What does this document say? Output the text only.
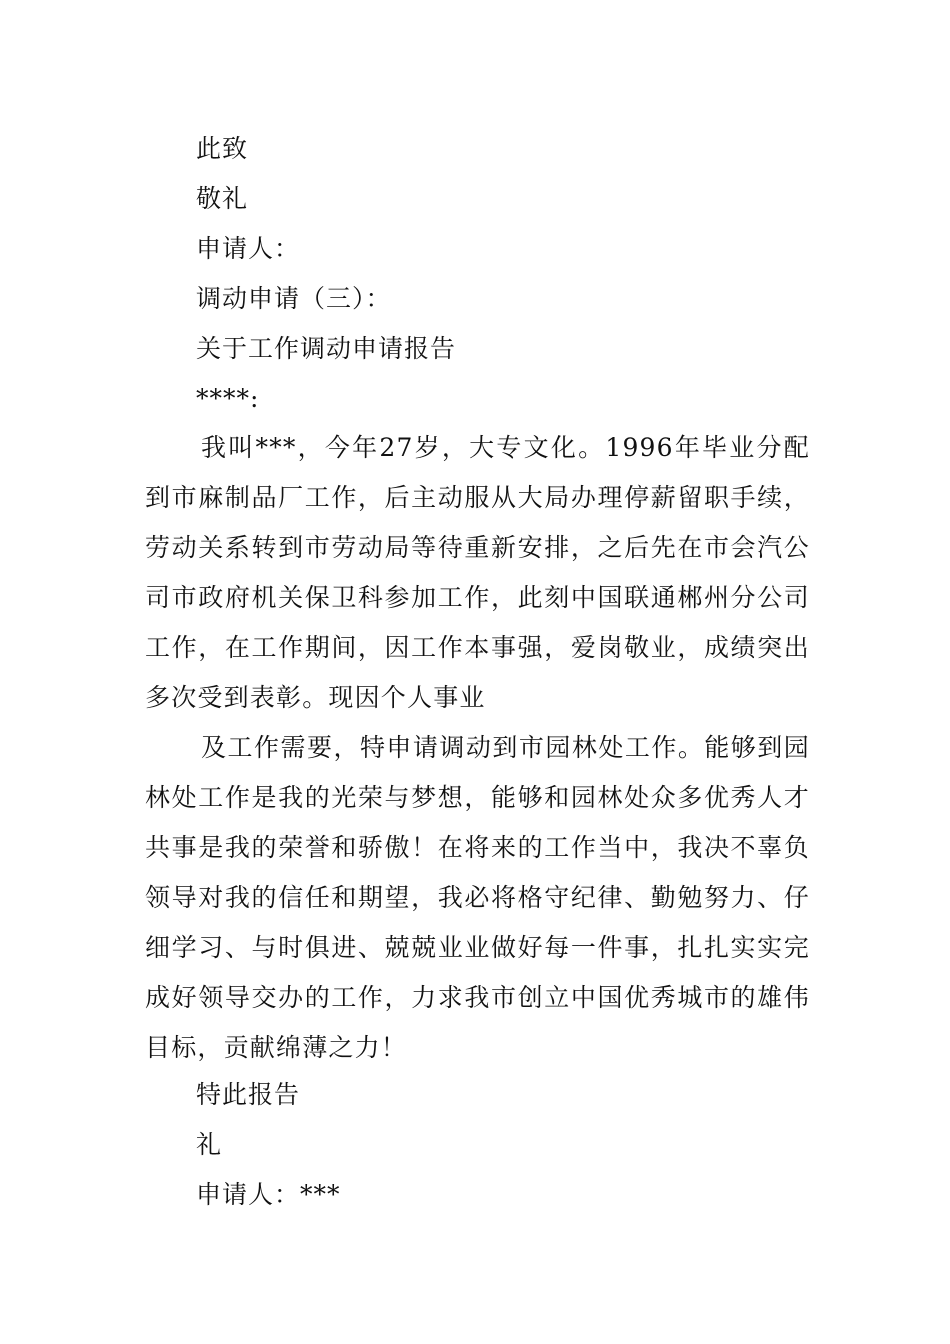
此致
敬礼
申请人：
调动申请（三）：
关于工作调动申请报告
****:

我叫***，今年27岁，大专文化。1996年毕业分配到市麻制品厂工作，后主动服从大局办理停薪留职手续，劳动关系转到市劳动局等待重新安排，之后先在市会汽公司市政府机关保卫科参加工作，此刻中国联通郴州分公司工作，在工作期间，因工作本事强，爱岗敬业，成绩突出多次受到表彰。现因个人事业

及工作需要，特申请调动到市园林处工作。能够到园林处工作是我的光荣与梦想，能够和园林处众多优秀人才共事是我的荣誉和骄傲！在将来的工作当中，我决不辜负领导对我的信任和期望，我必将格守纪律、勤勉努力、仔细学习、与时俱进、兢兢业业做好每一件事，扎扎实实完成好领导交办的工作，力求我市创立中国优秀城市的雄伟目标，贡献绵薄之力！

特此报告
礼
申请人：***
